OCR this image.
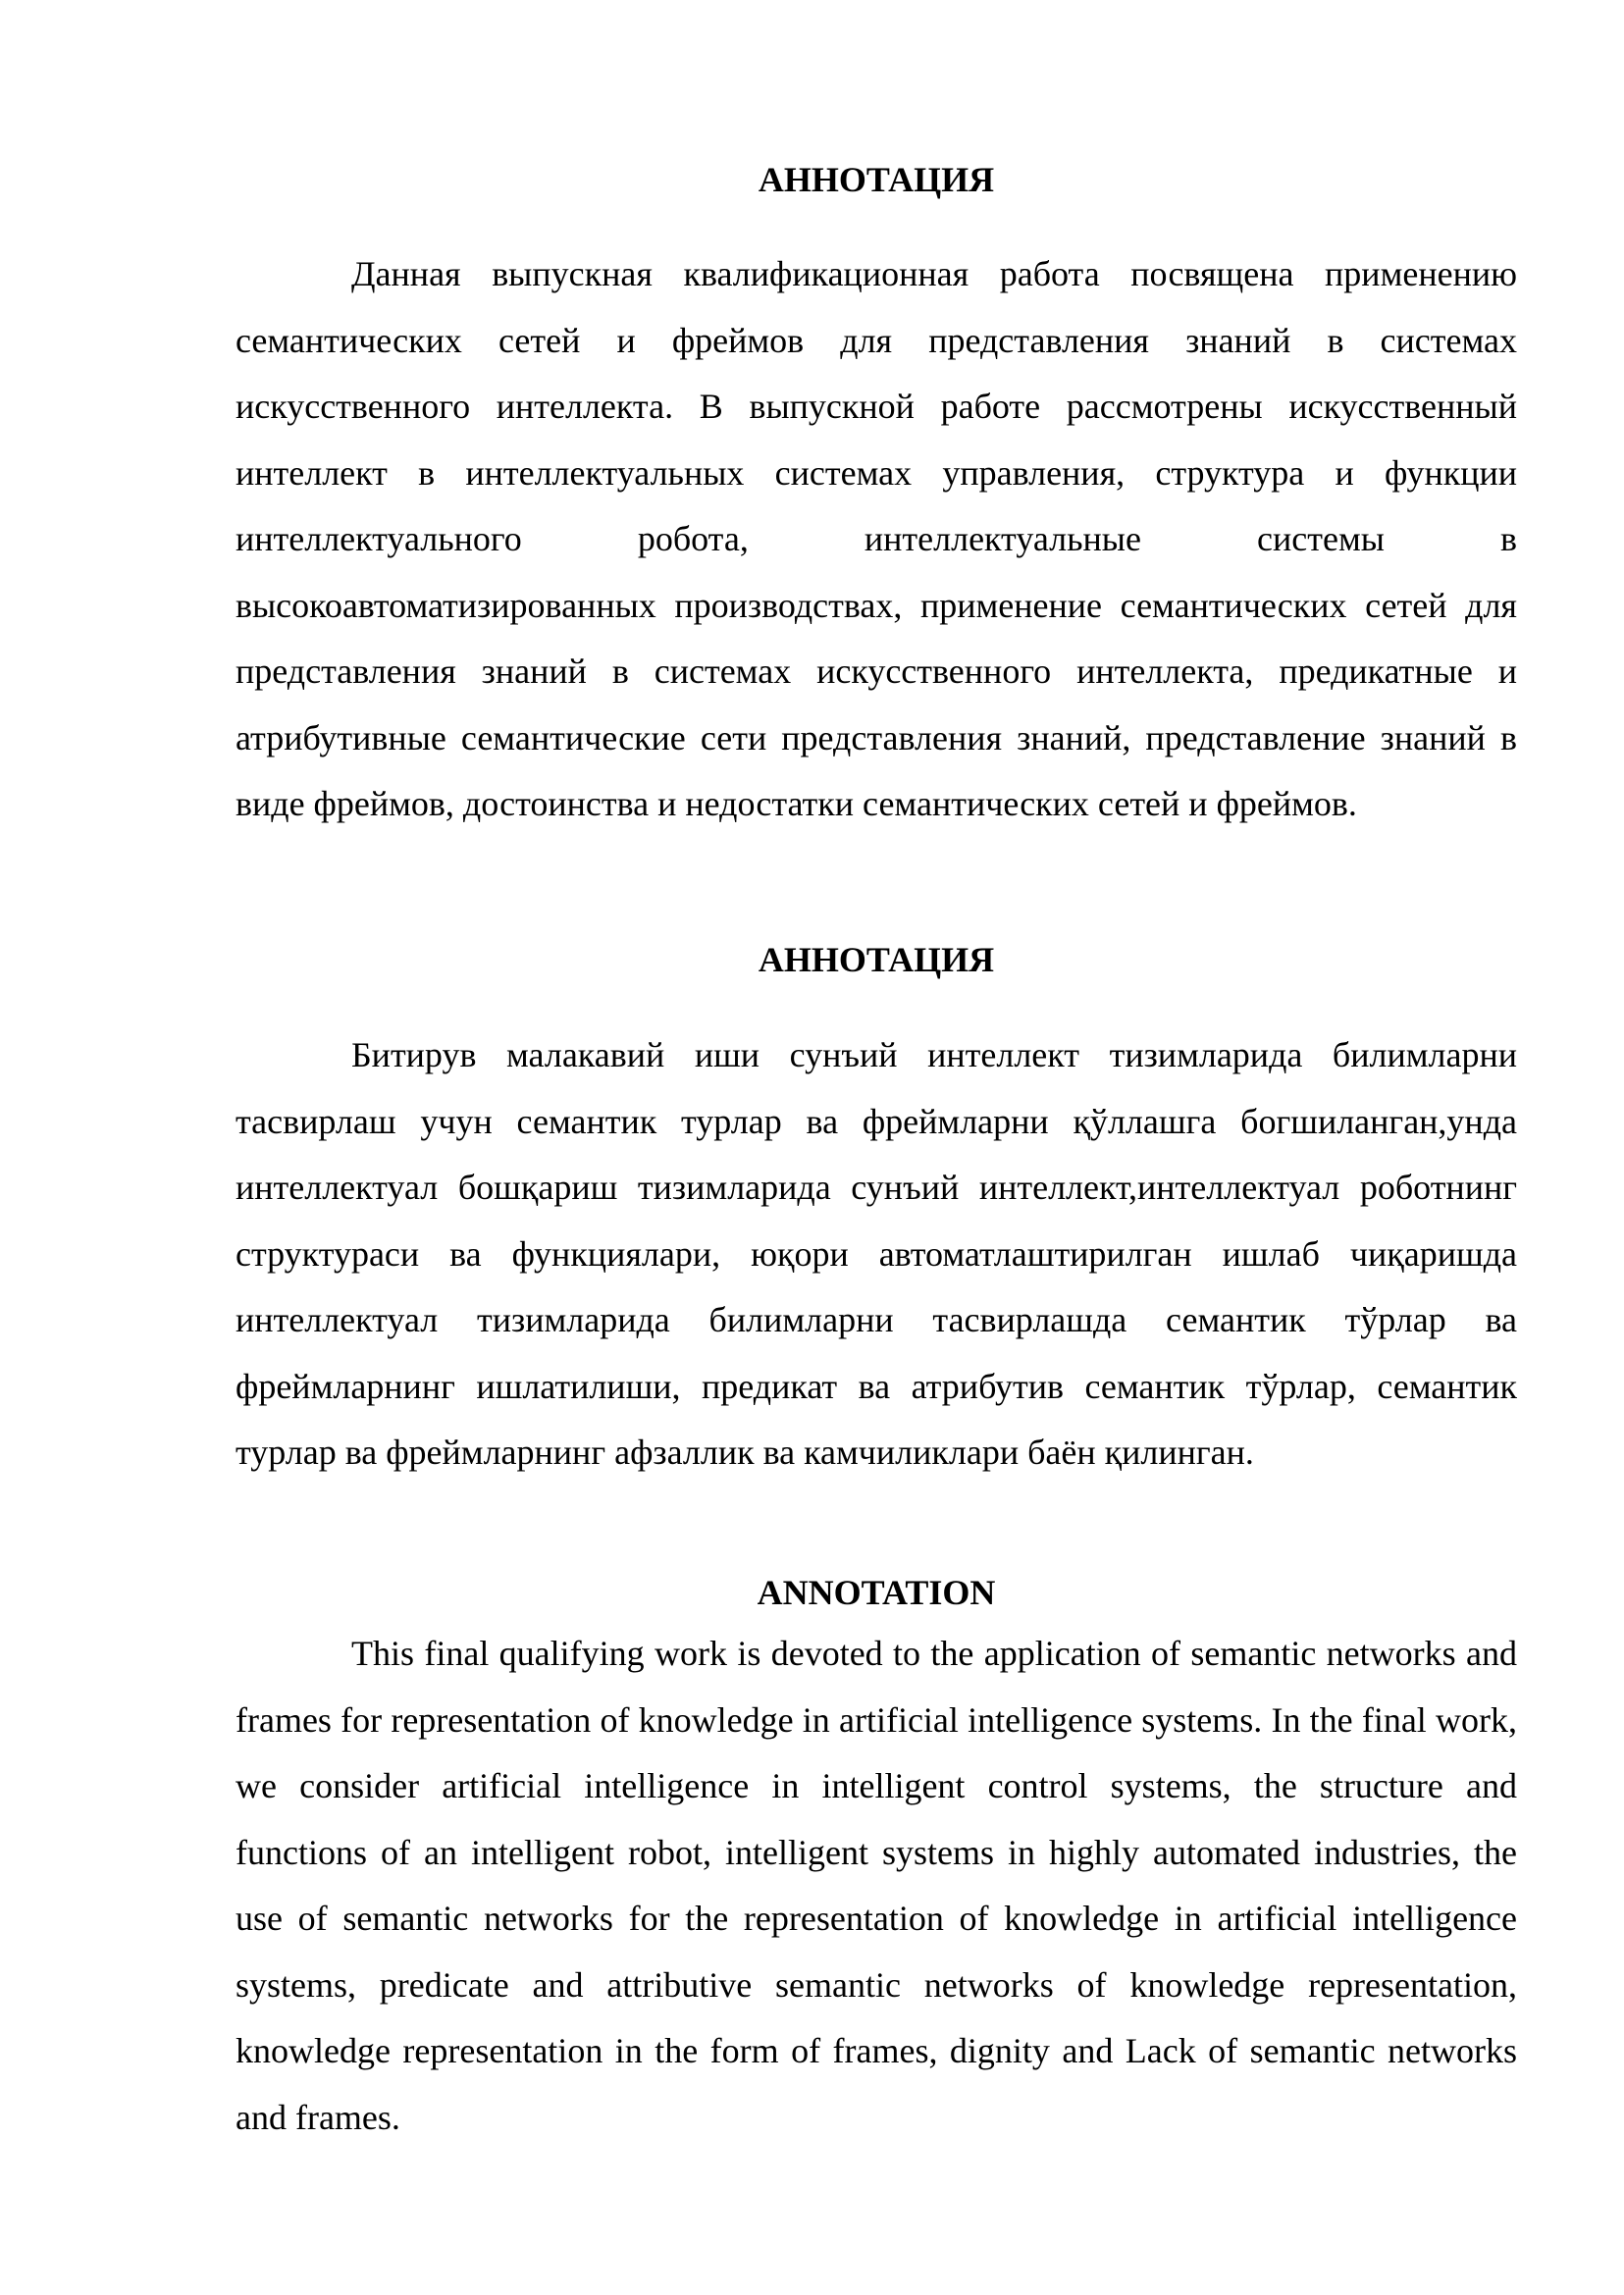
АННОТАЦИЯ

Данная выпускная квалификационная работа посвящена применению семантических сетей и фреймов для представления знаний в системах искусственного интеллекта. В выпускной работе рассмотрены искусственный интеллект в интеллектуальных системах управления, структура и функции интеллектуального робота, интеллектуальные системы в высокоавтоматизированных производствах, применение семантических сетей для представления знаний в системах искусственного интеллекта, предикатные и атрибутивные семантические сети представления знаний, представление знаний в виде фреймов, достоинства и недостатки семантических сетей и фреймов.

АННОТАЦИЯ

Битирув малакавий иши сунъий интеллект тизимларида билимларни тасвирлаш учун семантик турлар ва фреймларни қўллашга богшиланган,унда интеллектуал бошқариш тизимларида сунъий интеллект,интеллектуал роботнинг структураси ва функциялари, юқори автоматлаштирилган ишлаб чиқаришда интеллектуал тизимларида билимларни тасвирлашда семантик тўрлар ва фреймларнинг ишлатилиши, предикат ва атрибутив семантик тўрлар, семантик турлар ва фреймларнинг афзаллик ва камчиликлари баён қилинган.

ANNOTATION

This final qualifying work is devoted to the application of semantic networks and frames for representation of knowledge in artificial intelligence systems. In the final work, we consider artificial intelligence in intelligent control systems, the structure and functions of an intelligent robot, intelligent systems in highly automated industries, the use of semantic networks for the representation of knowledge in artificial intelligence systems, predicate and attributive semantic networks of knowledge representation, knowledge representation in the form of frames, dignity and Lack of semantic networks and frames.
